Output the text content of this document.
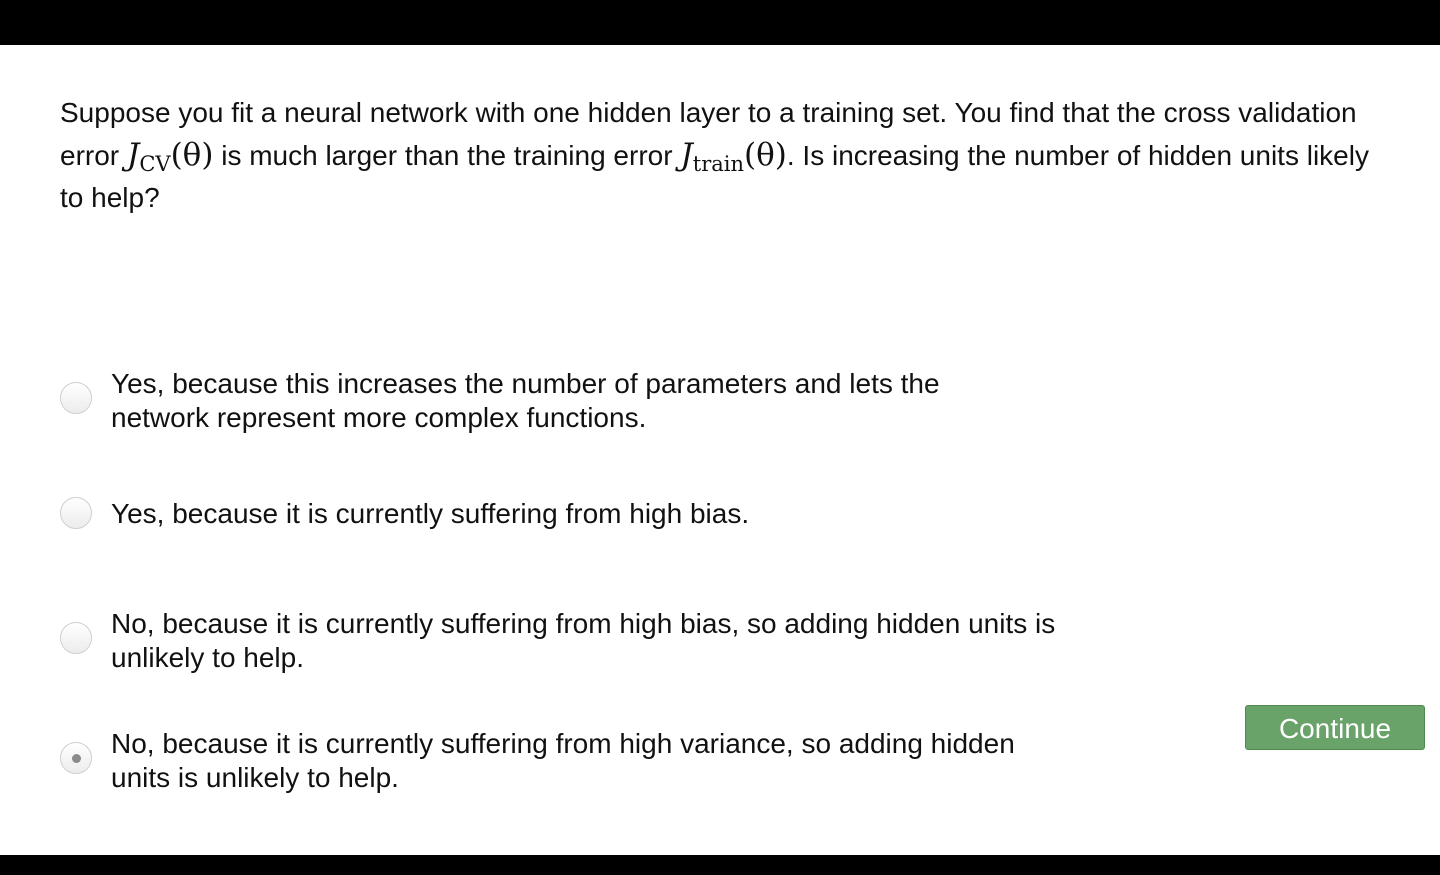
Suppose you fit a neural network with one hidden layer to a training set. You find that the cross validation error $J_{CV}(\theta)$ is much larger than the training error $J_{train}(\theta)$. Is increasing the number of hidden units likely to help?
Yes, because this increases the number of parameters and lets the network represent more complex functions.
Yes, because it is currently suffering from high bias.
No, because it is currently suffering from high bias, so adding hidden units is unlikely to help.
No, because it is currently suffering from high variance, so adding hidden units is unlikely to help.
Continue
